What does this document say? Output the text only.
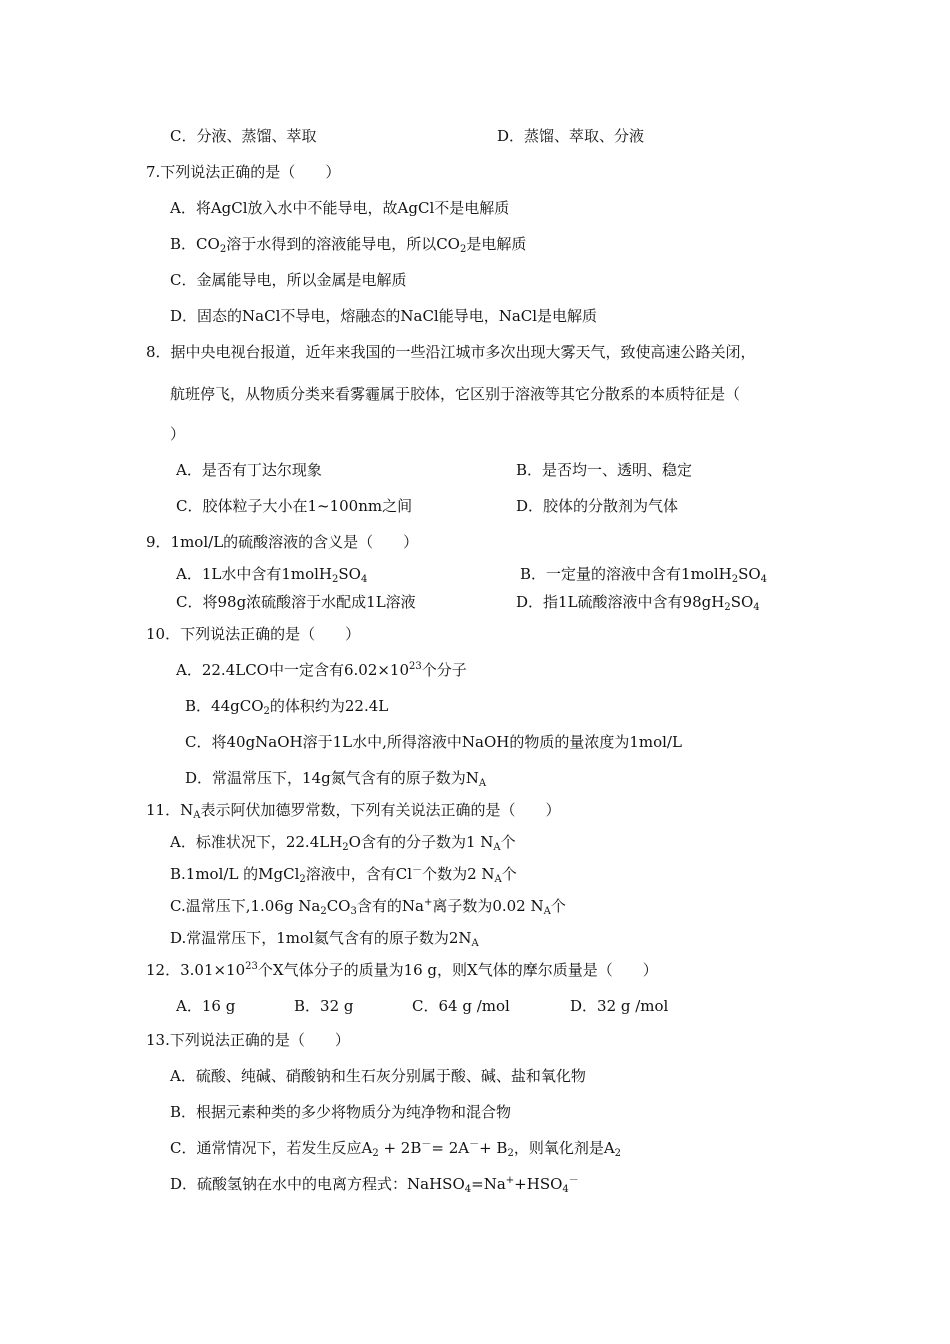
C．分液、蒸馏、萃取	D．蒸馏、萃取、分液
7.下列说法正确的是（　　）
A．将AgCl放入水中不能导电，故AgCl不是电解质
B．$CO_2$溶于水得到的溶液能导电，所以$CO_2$是电解质
C．金属能导电，所以金属是电解质
D．固态的NaCl不导电，熔融态的NaCl能导电，NaCl是电解质
8．据中央电视台报道，近年来我国的一些沿江城市多次出现大雾天气，致使高速公路关闭，
航班停飞，从物质分类来看雾霾属于胶体，它区别于溶液等其它分散系的本质特征是（
）
A．是否有丁达尔现象	B．是否均一、透明、稳定
C．胶体粒子大小在1~100nm之间	D．胶体的分散剂为气体
9．1mol/L的硫酸溶液的含义是（　　）
A．1L水中含有$1molH_2SO_4$	B．一定量的溶液中含有$1molH_2SO_4$
C．将98g浓硫酸溶于水配成1L溶液	D．指1L硫酸溶液中含有$98gH_2SO_4$
10．下列说法正确的是（　　）
A．22.4LCO中一定含有$6.02\times 10^{23}$个分子
B．44gCO$_2$的体积约为22.4L
C．将40gNaOH溶于1L水中,所得溶液中NaOH的物质的量浓度为1mol/L
D．常温常压下，14g氮气含有的原子数为$N_A$
11．$N_A$表示阿伏加德罗常数，下列有关说法正确的是（　　）
A．标准状况下，$22.4LH_2O$含有的分子数为1 $N_A$个
B.1mol/L 的MgCl$_2$溶液中，含有Cl－个数为2 $N_A$个
C.温常压下,1.06g $Na_2CO_3$含有的Na+离子数为0.02 $N_A$个
D.常温常压下，1mol氦气含有的原子数为$2N_A$
12．$3.01\times 10^{23}$个X气体分子的质量为16 g，则X气体的摩尔质量是（　　）
A．16 g	B．32 g	C．64 g /mol	D．32 g /mol
13.下列说法正确的是（　　）
A．硫酸、纯碱、硝酸钠和生石灰分别属于酸、碱、盐和氧化物
B．根据元素种类的多少将物质分为纯净物和混合物
C．通常情况下，若发生反应$A_2 + 2B^-= 2A^-+ B_2$，则氧化剂是$A_2$
D．硫酸氢钠在水中的电离方程式：$NaHSO_4=Na^++HSO_4^-$
